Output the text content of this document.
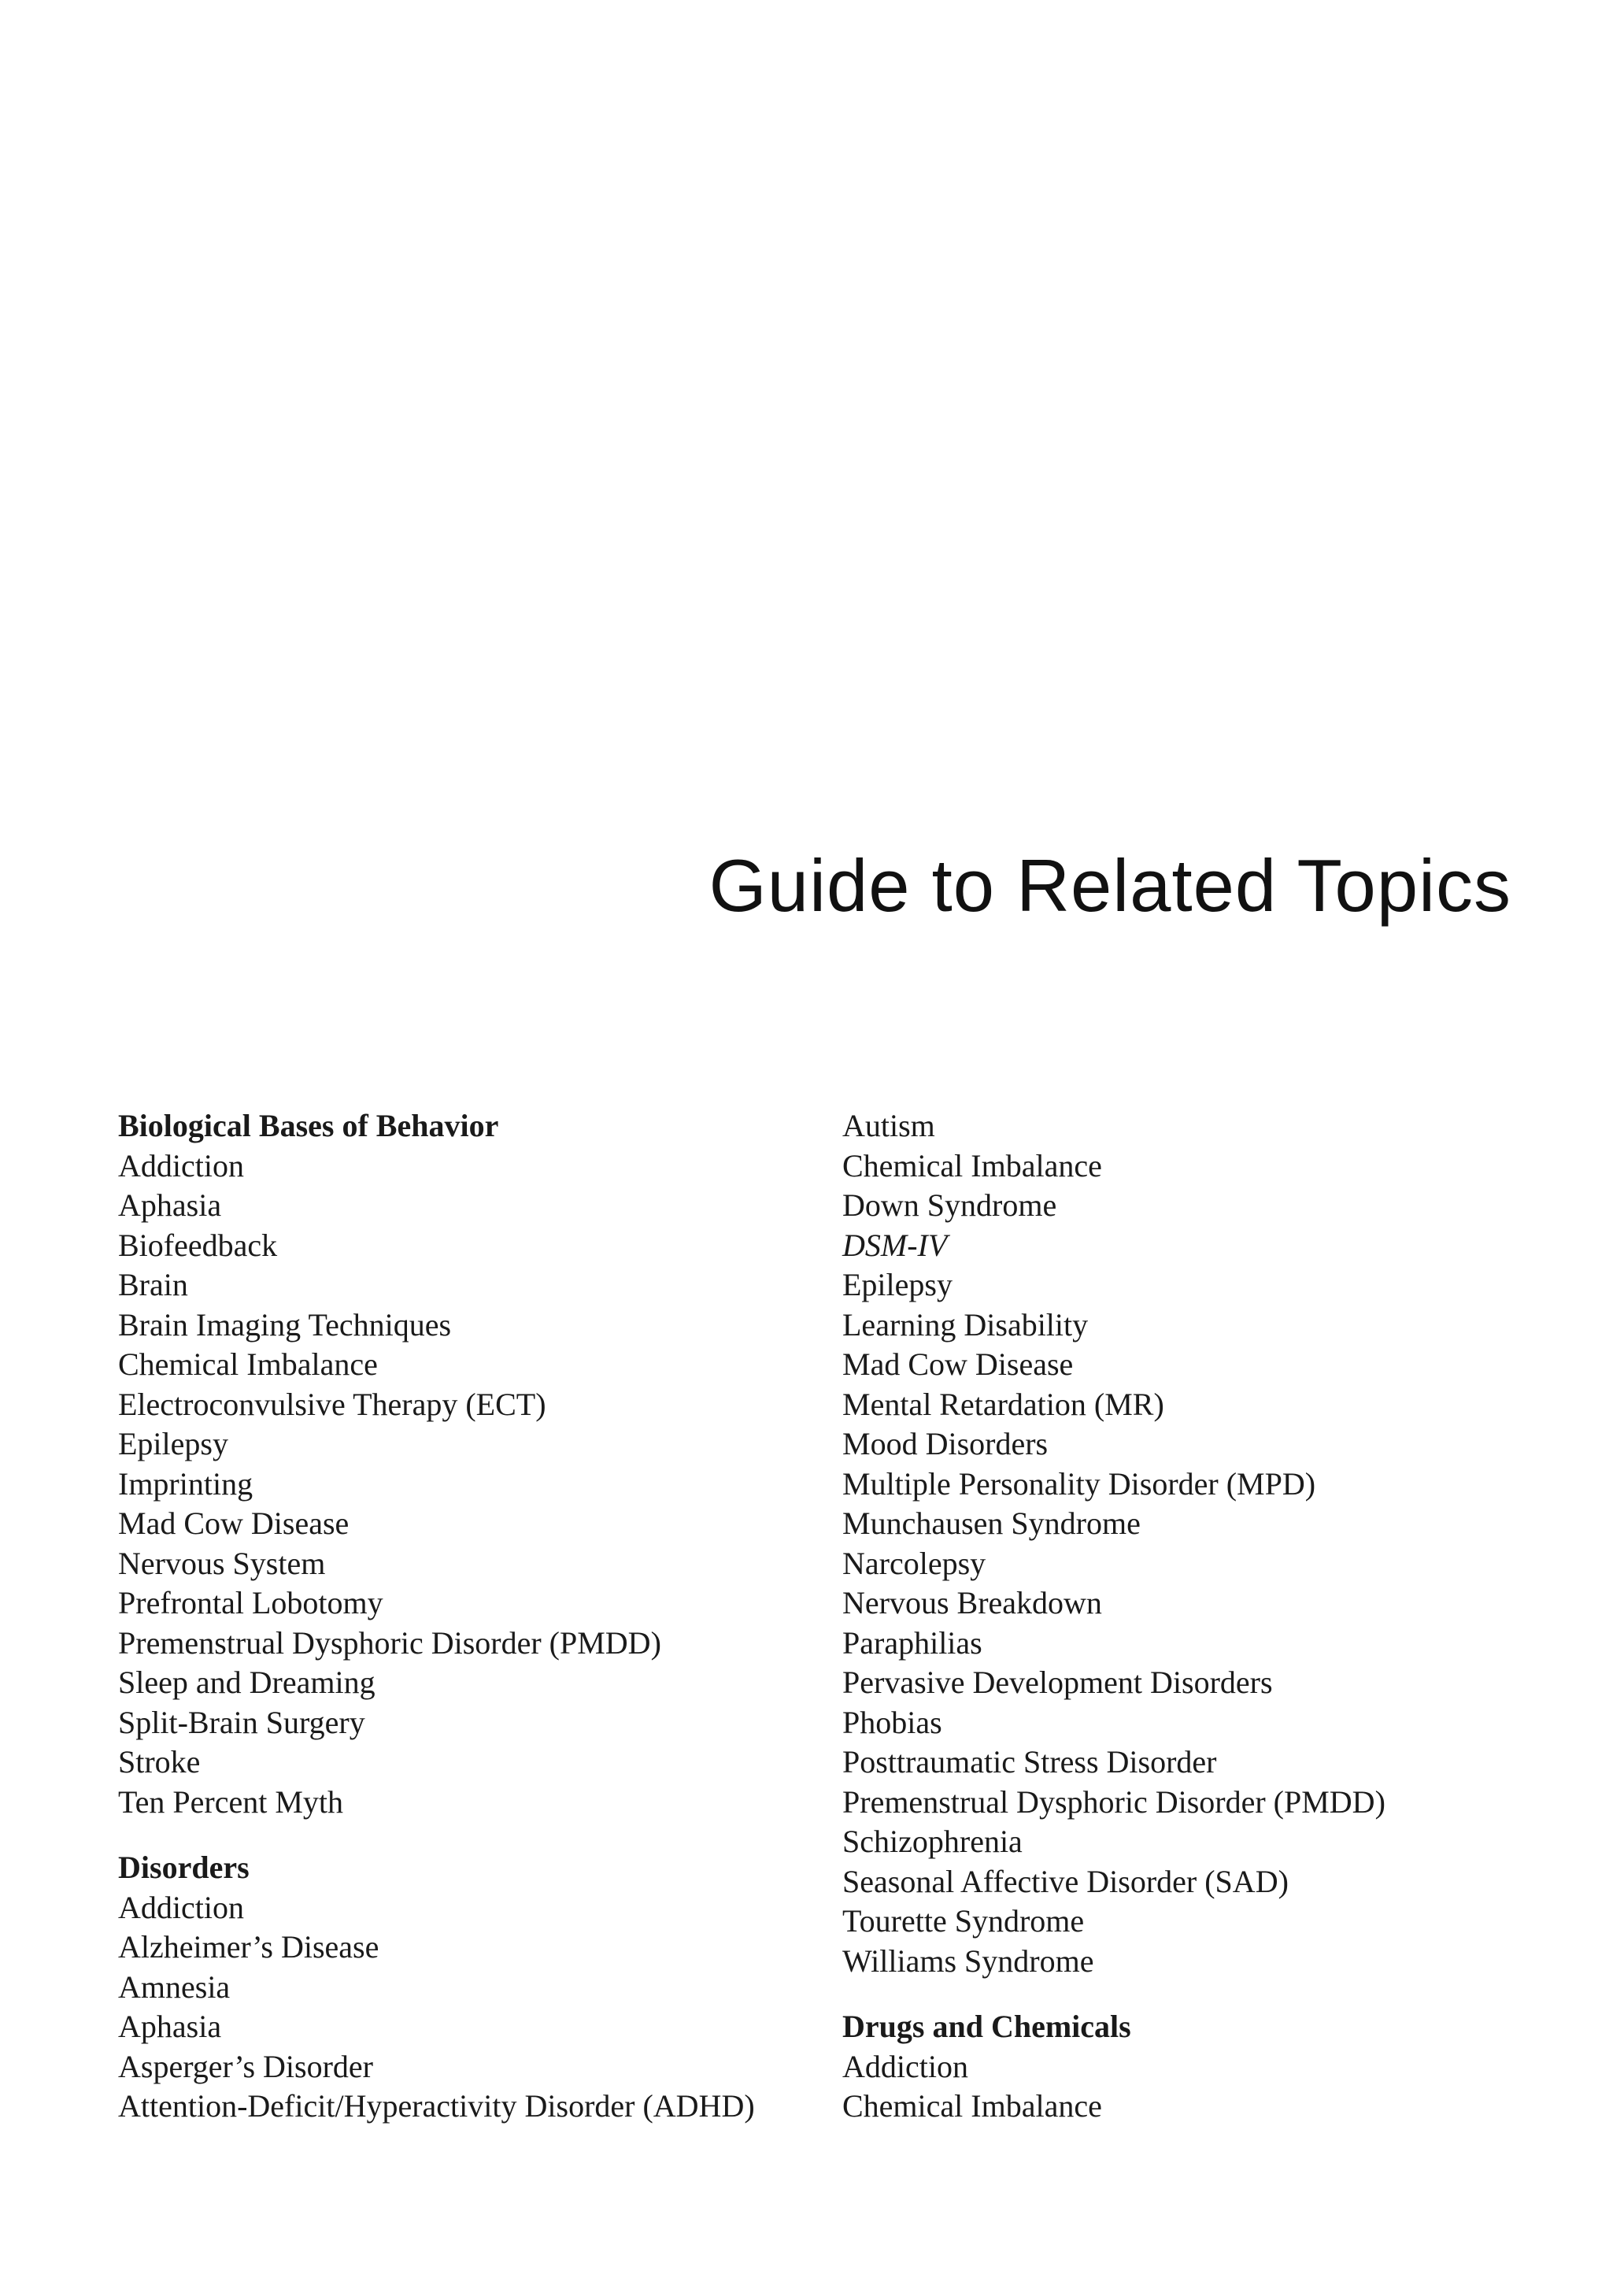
Guide to Related Topics

Biological Bases of Behavior

Addiction
Aphasia
Biofeedback
Brain
Brain Imaging Techniques
Chemical Imbalance
Electroconvulsive Therapy (ECT)
Epilepsy
Imprinting
Mad Cow Disease
Nervous System
Prefrontal Lobotomy
Premenstrual Dysphoric Disorder (PMDD)
Sleep and Dreaming
Split-Brain Surgery
Stroke
Ten Percent Myth

Disorders

Addiction
Alzheimer’s Disease
Amnesia
Aphasia
Asperger’s Disorder
Attention-Deficit/Hyperactivity Disorder (ADHD)
Autism
Chemical Imbalance
Down Syndrome
DSM-IV
Epilepsy
Learning Disability
Mad Cow Disease
Mental Retardation (MR)
Mood Disorders
Multiple Personality Disorder (MPD)
Munchausen Syndrome
Narcolepsy
Nervous Breakdown
Paraphilias
Pervasive Development Disorders
Phobias
Posttraumatic Stress Disorder
Premenstrual Dysphoric Disorder (PMDD)
Schizophrenia
Seasonal Affective Disorder (SAD)
Tourette Syndrome
Williams Syndrome

Drugs and Chemicals

Addiction
Chemical Imbalance
